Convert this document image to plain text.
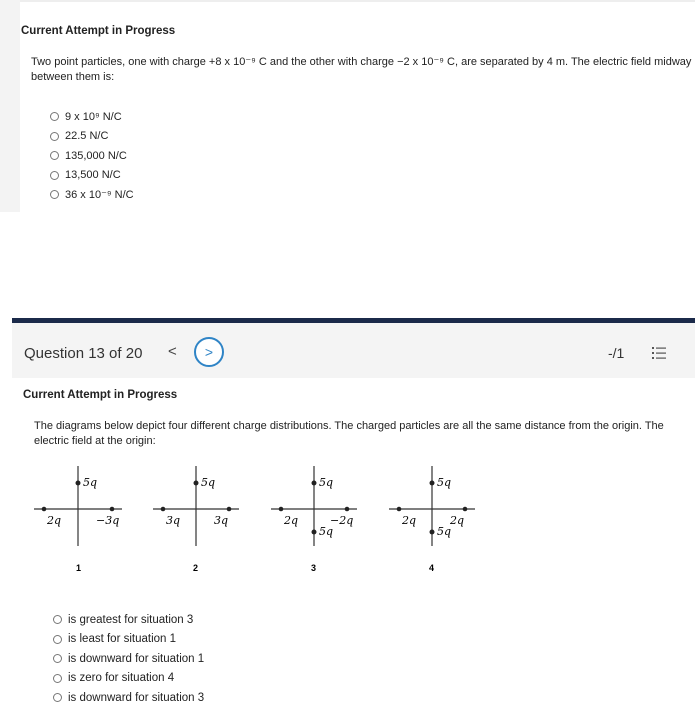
Current Attempt in Progress
Two point particles, one with charge +8 x 10⁻⁹ C and the other with charge −2 x 10⁻⁹ C, are separated by 4 m. The electric field midway
between them is:
9 x 10⁹ N/C
22.5 N/C
135,000 N/C
13,500 N/C
36 x 10⁻⁹ N/C
Question 13 of 20 <	>	-/1
Current Attempt in Progress
The diagrams below depict four different charge distributions. The charged particles are all the same distance from the origin. The
electric field at the origin:
5q
2q	−3q
1
5q
3q	3q
2
5q
2q	−2q
5q
3
5q
2q	2q
5q
4
is greatest for situation 3
is least for situation 1
is downward for situation 1
is zero for situation 4
is downward for situation 3
